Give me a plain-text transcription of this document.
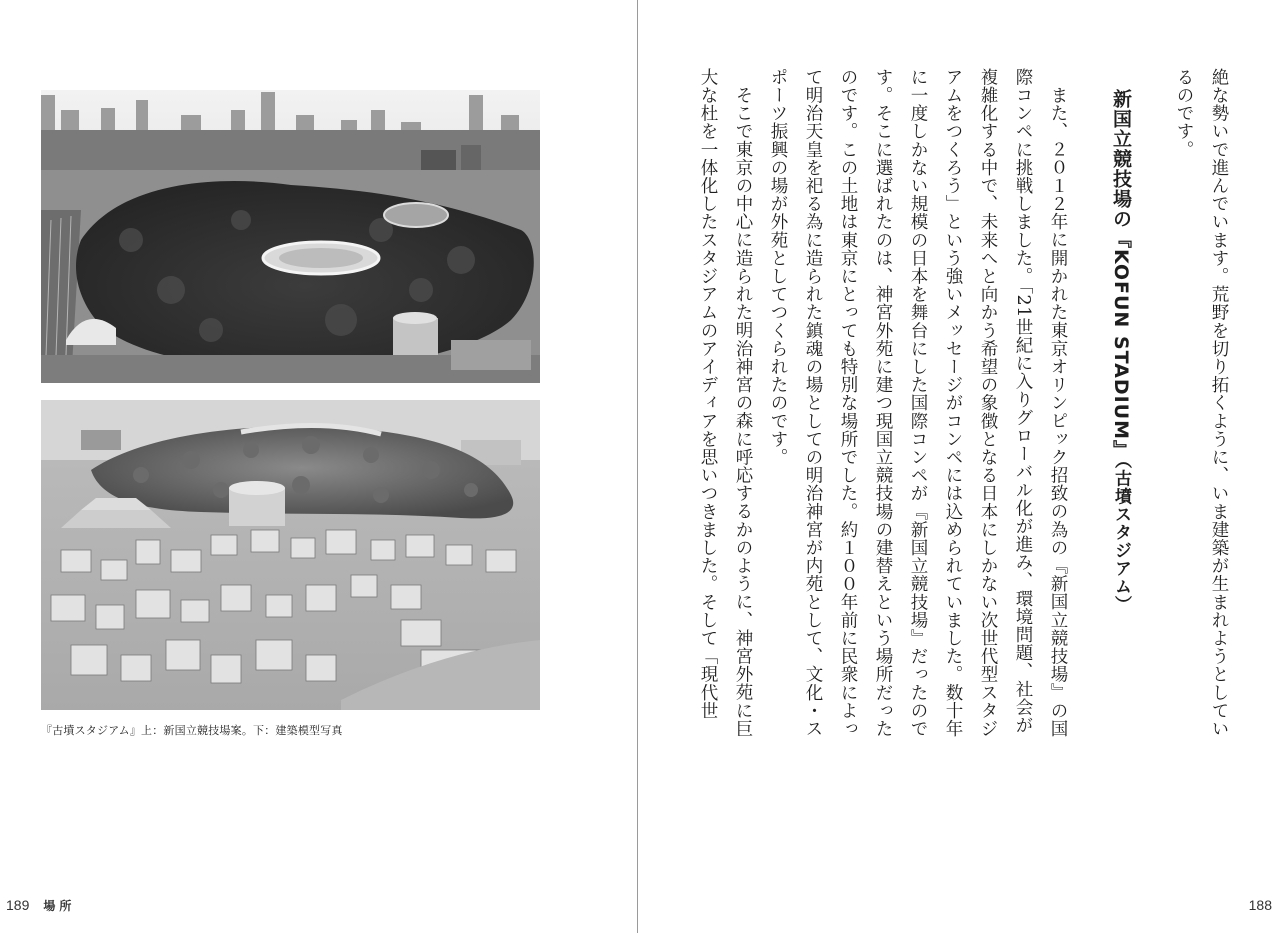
『古墳スタジアム』上：新国立競技場案。下：建築模型写真
189 場所

絶な勢いで進んでいます。荒野を切り拓くように、いま建築が生まれようとしているのです。

新国立競技場の『KOFUN STADIUM』（古墳スタジアム）

また、２０１２年に開かれた東京オリンピック招致の為の『新国立競技場』の国際コンペに挑戦しました。「21世紀に入りグローバル化が進み、環境問題、社会が複雑化する中で、未来へと向かう希望の象徴となる日本にしかない次世代型スタジアムをつくろう」という強いメッセージがコンペには込められていました。数十年に一度しかない規模の日本を舞台にした国際コンペが『新国立競技場』だったのです。そこに選ばれたのは、神宮外苑に建つ現国立競技場の建替えという場所だったのです。この土地は東京にとっても特別な場所でした。約１００年前に民衆によって明治天皇を祀る為に造られた鎮魂の場としての明治神宮が内苑として、文化・スポーツ振興の場が外苑としてつくられたのです。

そこで東京の中心に造られた明治神宮の森に呼応するかのように、神宮外苑に巨大な杜を一体化したスタジアムのアイディアを思いつきました。そして「現代世

188
